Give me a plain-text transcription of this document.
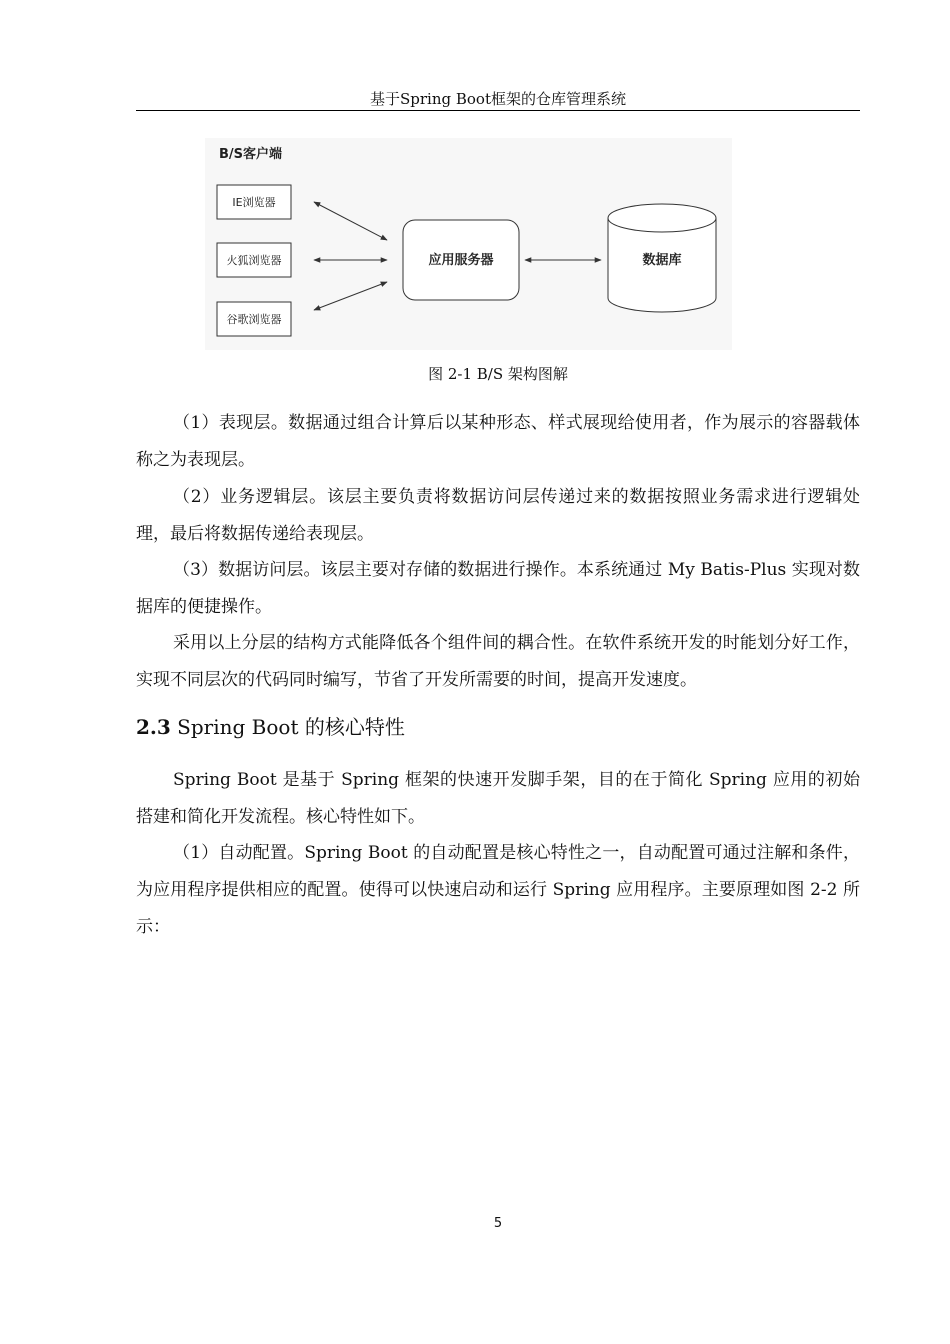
基于Spring Boot框架的仓库管理系统
B/S客户端
IE浏览器
火狐浏览器
谷歌浏览器
应用服务器	数据库
图 2-1 B/S 架构图解

（1）表现层。数据通过组合计算后以某种形态、样式展现给使用者，作为展示的容器载体称之为表现层。

（2）业务逻辑层。该层主要负责将数据访问层传递过来的数据按照业务需求进行逻辑处理，最后将数据传递给表现层。

（3）数据访问层。该层主要对存储的数据进行操作。本系统通过 My Batis-Plus 实现对数据库的便捷操作。

采用以上分层的结构方式能降低各个组件间的耦合性。在软件系统开发的时能划分好工作，实现不同层次的代码同时编写，节省了开发所需要的时间，提高开发速度。

2.3 Spring Boot 的核心特性

Spring Boot 是基于 Spring 框架的快速开发脚手架，目的在于简化 Spring 应用的初始搭建和简化开发流程。核心特性如下。

（1）自动配置。Spring Boot 的自动配置是核心特性之一，自动配置可通过注解和条件，为应用程序提供相应的配置。使得可以快速启动和运行 Spring 应用程序。主要原理如图 2-2 所示：

5
